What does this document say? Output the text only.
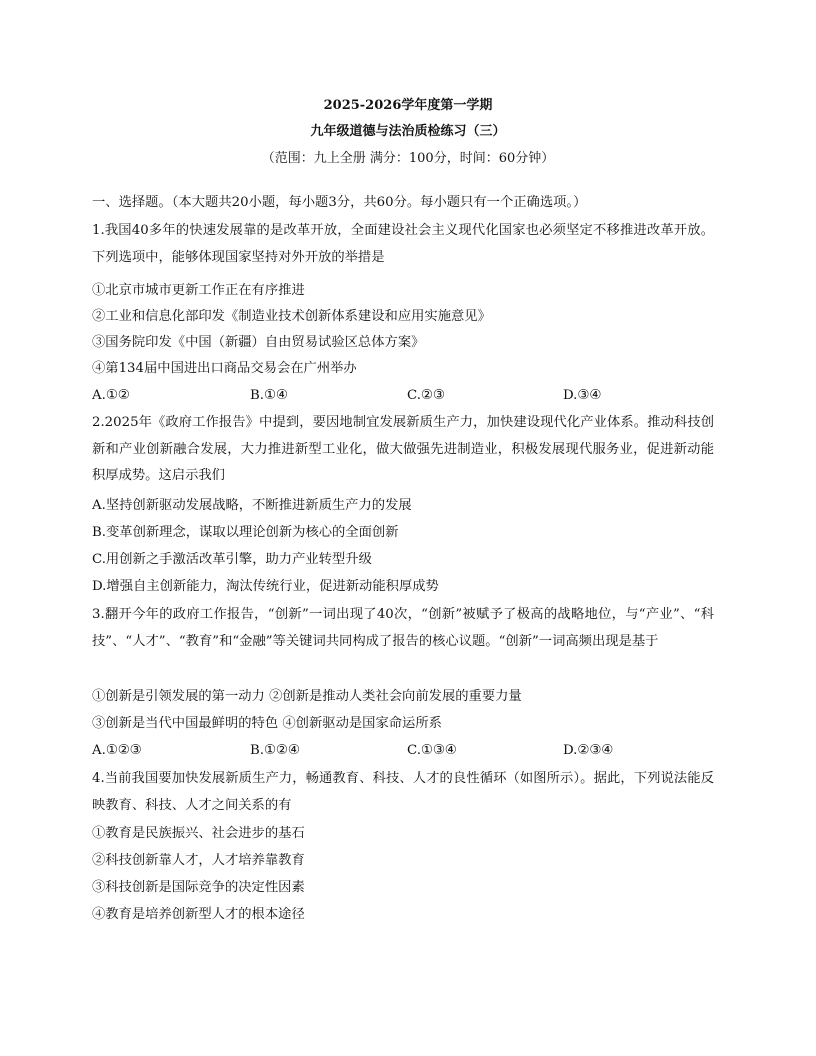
2025-2026学年度第一学期
九年级道德与法治质检练习（三）
（范围：九上全册 满分：100分，时间：60分钟）
一、选择题。（本大题共20小题，每小题3分，共60分。每小题只有一个正确选项。）
1.我国40多年的快速发展靠的是改革开放，全面建设社会主义现代化国家也必须坚定不移推进改革开放。下列选项中，能够体现国家坚持对外开放的举措是
①北京市城市更新工作正在有序推进
②工业和信息化部印发《制造业技术创新体系建设和应用实施意见》
③国务院印发《中国（新疆）自由贸易试验区总体方案》
④第134届中国进出口商品交易会在广州举办
A.①②	B.①④	C.②③	D.③④
2.2025年《政府工作报告》中提到，要因地制宜发展新质生产力，加快建设现代化产业体系。推动科技创新和产业创新融合发展，大力推进新型工业化，做大做强先进制造业，积极发展现代服务业，促进新动能积厚成势。这启示我们
A.坚持创新驱动发展战略，不断推进新质生产力的发展
B.变革创新理念，谋取以理论创新为核心的全面创新
C.用创新之手激活改革引擎，助力产业转型升级
D.增强自主创新能力，淘汰传统行业，促进新动能积厚成势
3.翻开今年的政府工作报告，“创新”一词出现了40次，“创新”被赋予了极高的战略地位，与“产业”、“科技”、“人才”、“教育”和“金融”等关键词共同构成了报告的核心议题。“创新”一词高频出现是基于
①创新是引领发展的第一动力 ②创新是推动人类社会向前发展的重要力量
③创新是当代中国最鲜明的特色 ④创新驱动是国家命运所系
A.①②③	B.①②④	C.①③④	D.②③④
4.当前我国要加快发展新质生产力，畅通教育、科技、人才的良性循环（如图所示）。据此，下列说法能反映教育、科技、人才之间关系的有
①教育是民族振兴、社会进步的基石
②科技创新靠人才，人才培养靠教育
③科技创新是国际竞争的决定性因素
④教育是培养创新型人才的根本途径
